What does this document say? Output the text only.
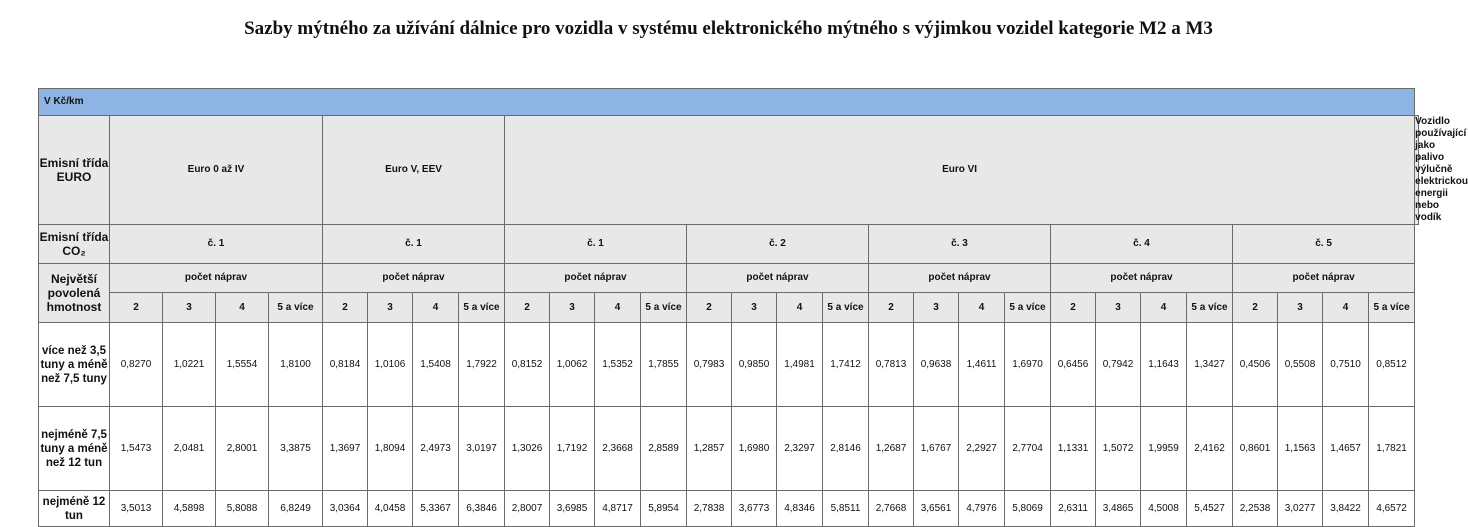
Sazby mýtného za užívání dálnice pro vozidla v systému elektronického mýtného s výjimkou vozidel kategorie M2 a M3
V Kč/km																													
Emisní třída EURO	Euro 0 až IV				Euro V, EEV				Euro VI																				Vozidlo používající jako palivo výlučně elektrickou energii nebo vodík
Emisní třída CO₂	č. 1				č. 1				č. 1				č. 2				č. 3				č. 4				č. 5				
Největší povolená hmotnost	počet náprav				počet náprav				počet náprav				počet náprav				počet náprav				počet náprav				počet náprav				
	2	3	4	5 a více	2	3	4	5 a více	2	3	4	5 a více	2	3	4	5 a více	2	3	4	5 a více	2	3	4	5 a více	2	3	4	5 a více	
více než 3,5 tuny a méně než 7,5 tuny	0,8270	1,0221	1,5554	1,8100	0,8184	1,0106	1,5408	1,7922	0,8152	1,0062	1,5352	1,7855	0,7983	0,9850	1,4981	1,7412	0,7813	0,9638	1,4611	1,6970	0,6456	0,7942	1,1643	1,3427	0,4506	0,5508	0,7510	0,8512	
nejméně 7,5 tuny a méně než 12 tun	1,5473	2,0481	2,8001	3,3875	1,3697	1,8094	2,4973	3,0197	1,3026	1,7192	2,3668	2,8589	1,2857	1,6980	2,3297	2,8146	1,2687	1,6767	2,2927	2,7704	1,1331	1,5072	1,9959	2,4162	0,8601	1,1563	1,4657	1,7821	
nejméně 12 tun	3,5013	4,5898	5,8088	6,8249	3,0364	4,0458	5,3367	6,3846	2,8007	3,6985	4,8717	5,8954	2,7838	3,6773	4,8346	5,8511	2,7668	3,6561	4,7976	5,8069	2,6311	3,4865	4,5008	5,4527	2,2538	3,0277	3,8422	4,6572	
